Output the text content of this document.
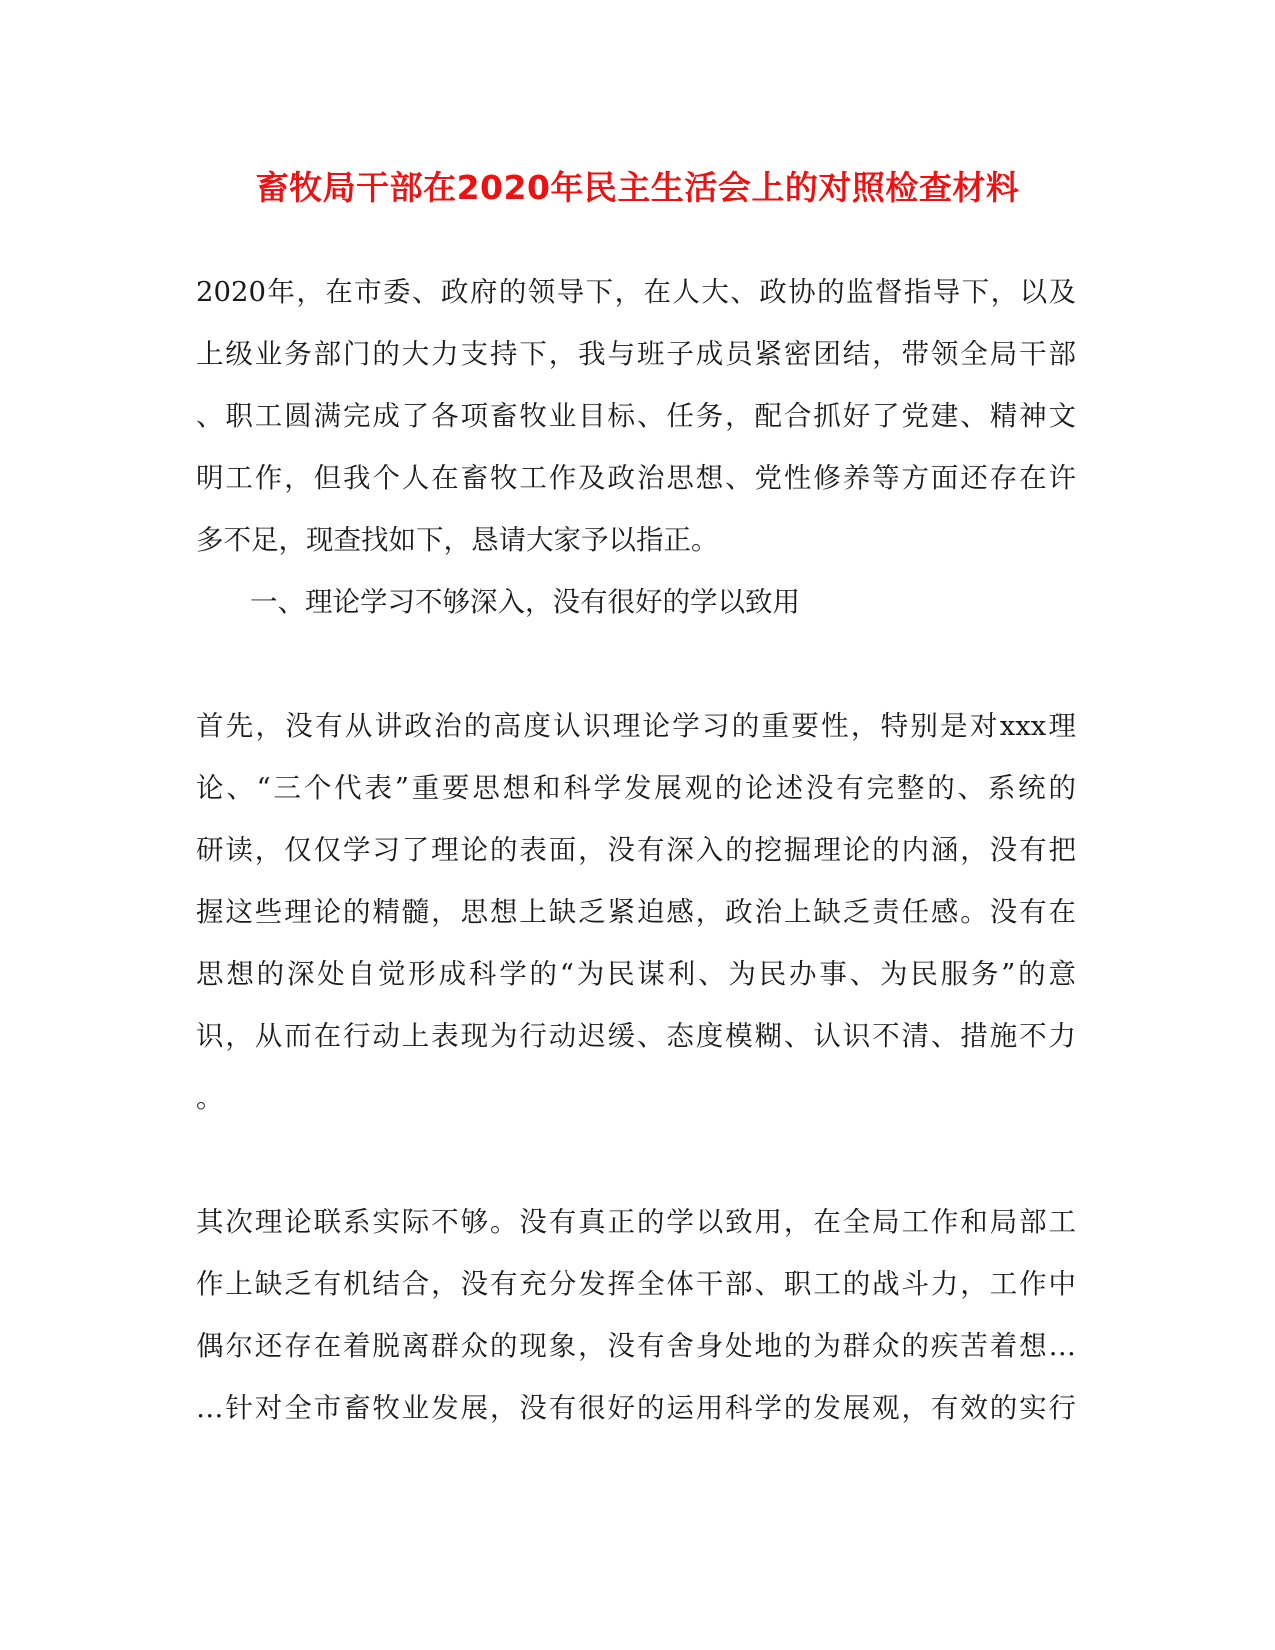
畜牧局干部在2020年民主生活会上的对照检查材料
2020年，在市委、政府的领导下，在人大、政协的监督指导下，以及
上级业务部门的大力支持下，我与班子成员紧密团结，带领全局干部
、职工圆满完成了各项畜牧业目标、任务，配合抓好了党建、精神文
明工作，但我个人在畜牧工作及政治思想、党性修养等方面还存在许
多不足，现查找如下，恳请大家予以指正。
一、理论学习不够深入，没有很好的学以致用
首先，没有从讲政治的高度认识理论学习的重要性，特别是对xxx理
论、“三个代表”重要思想和科学发展观的论述没有完整的、系统的
研读，仅仅学习了理论的表面，没有深入的挖掘理论的内涵，没有把
握这些理论的精髓，思想上缺乏紧迫感，政治上缺乏责任感。没有在
思想的深处自觉形成科学的“为民谋利、为民办事、为民服务”的意
识，从而在行动上表现为行动迟缓、态度模糊、认识不清、措施不力
。
其次理论联系实际不够。没有真正的学以致用，在全局工作和局部工
作上缺乏有机结合，没有充分发挥全体干部、职工的战斗力，工作中
偶尔还存在着脱离群众的现象，没有舍身处地的为群众的疾苦着想…
…针对全市畜牧业发展，没有很好的运用科学的发展观，有效的实行
